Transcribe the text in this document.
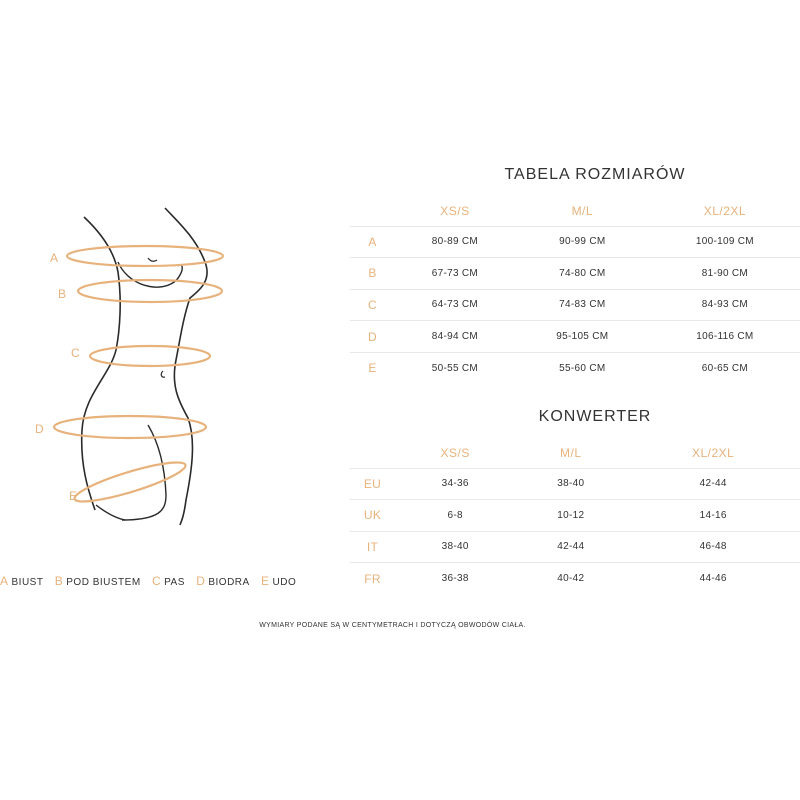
A
B
C
D
E
A BIUST B POD BIUSTEM C PAS D BIODRA E UDO
TABELA ROZMIARÓW
	XS/S	M/L	XL/2XL
A	80-89 CM	90-99 CM	100-109 CM
B	67-73 CM	74-80 CM	81-90 CM
C	64-73 CM	74-83 CM	84-93 CM
D	84-94 CM	95-105 CM	106-116 CM
E	50-55 CM	55-60 CM	60-65 CM
KONWERTER
	XS/S	M/L	XL/2XL
EU	34-36	38-40	42-44
UK	6-8	10-12	14-16
IT	38-40	42-44	46-48
FR	36-38	40-42	44-46
WYMIARY PODANE SĄ W CENTYMETRACH I DOTYCZĄ OBWODÓW CIAŁA.
